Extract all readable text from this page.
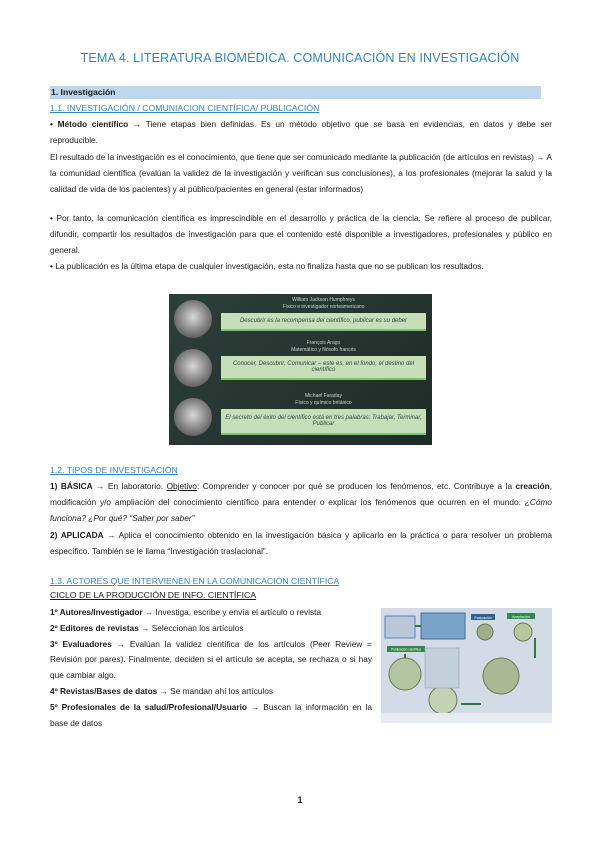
TEMA 4. LITERATURA BIOMÉDICA. COMUNICACIÓN EN INVESTIGACIÓN
1. Investigación
1.1. INVESTIGACIÓN / COMUNIACION CIENTÍFICA/ PUBLICACIÓN
• Método científico → Tiene etapas bien definidas. Es un método objetivo que se basa en evidencias, en datos y debe ser reproducible.
El resultado de la investigación es el conocimiento, que tiene que ser comunicado mediante la publicación (de artículos en revistas) → A la comunidad científica (evalúan la validez de la investigación y verifican sus conclusiones), a los profesionales (mejorar la salud y la calidad de vida de los pacientes) y al público/pacientes en general (estar informados)
• Por tanto, la comunicación científica es imprescindible en el desarrollo y práctica de la ciencia. Se refiere al proceso de publicar, difundir, compartir los resultados de investigación para que el contenido esté disponible a investigadores, profesionales y público en general.
• La publicación es la última etapa de cualquier investigación, esta no finaliza hasta que no se publican los resultados.
William Jackson Humphreys
Físico e investigador norteamericano
Descubrir es la recompensa del científico, publicar es su deber
François Arago
Matemático y filósofo francés
Conocer, Descubrir, Comunicar – este es, en el fondo, el destino del científico
Michael Faraday
Físico y químico británico
El secreto del éxito del científico está en tres palabras: Trabajar, Terminar, Publicar
1.2. TIPOS DE INVESTIGACIÓN
1) BÁSICA → En laboratorio. Objetivo: Comprender y conocer por qué se producen los fenómenos, etc. Contribuye a la creación, modificación y/o ampliación del conocimiento científico para entender o explicar los fenómenos que ocurren en el mundo. ¿Cómo funciona? ¿Por qué? “Saber por saber”
2) APLICADA → Aplica el conocimiento obtenido en la investigación básica y aplicarlo en la práctica o para resolver un problema específico. También se le llama “Investigación traslacional”.
1.3. ACTORES QUE INTERVIENEN EN LA COMUNICACIÓN CIENTÍFICA
CICLO DE LA PRODUCCIÓN DE INFO. CIENTÍFICA
1º Autores/Investigador → Investiga, escribe y envía el artículo o revista
2º Editores de revistas → Seleccionan los artículos
3º Evaluadores → Evalúan la validez científica de los artículos (Peer Review = Revisión por pares). Finalmente, deciden si el artículo se acepta, se rechaza o si hay que cambiar algo.
4º Revistas/Bases de datos → Se mandan ahí los artículos
5º Profesionales de la salud/Profesional/Usuario → Buscan la información en la base de datos
Evaluación	Aceptación
Publicación científica
1
